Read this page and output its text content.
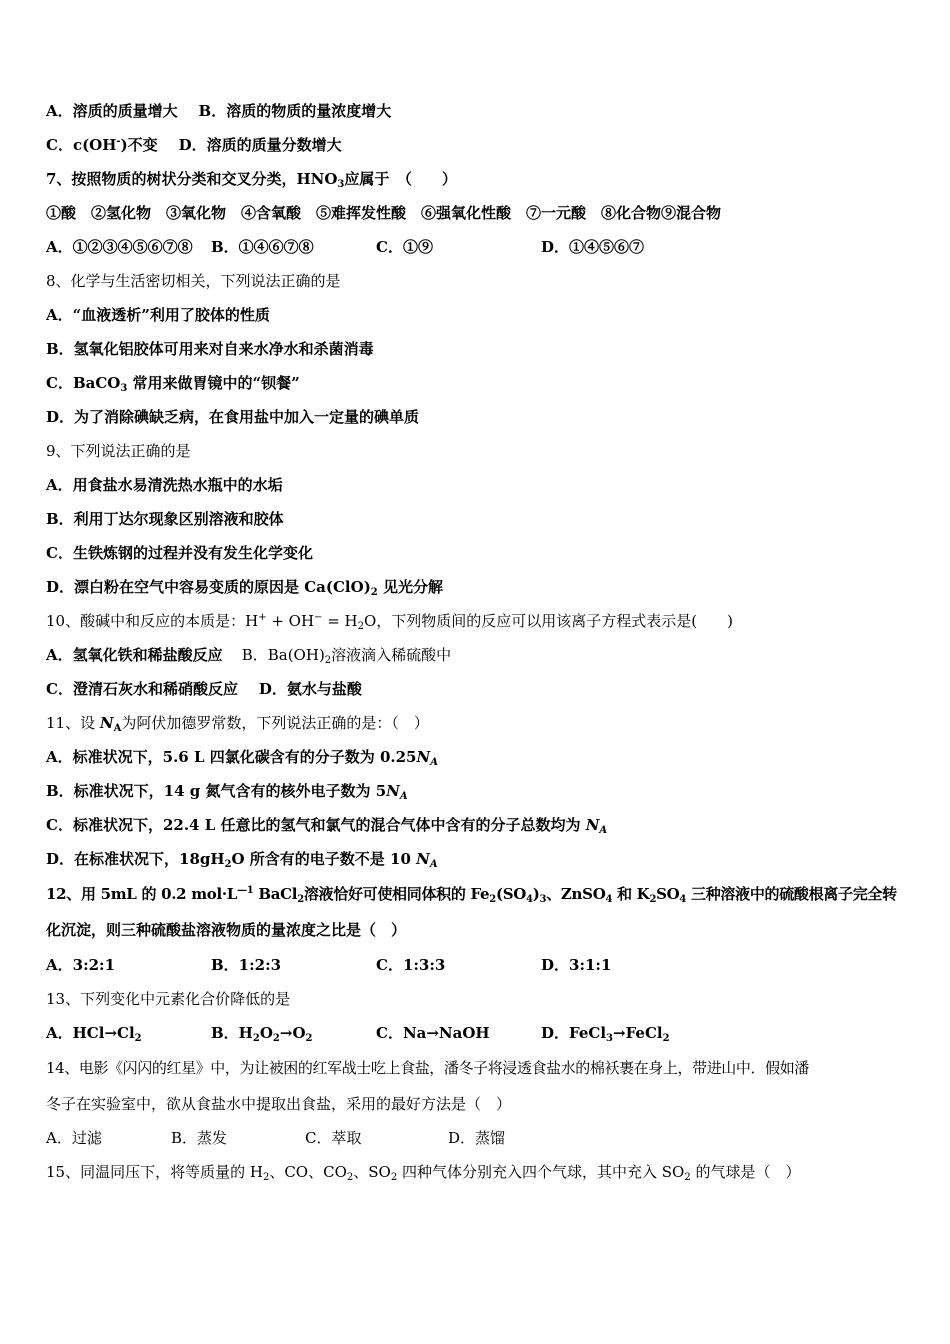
A．溶质的质量增大 B．溶质的物质的量浓度增大
C．c(OH-)不变 D．溶质的质量分数增大
7、按照物质的树状分类和交叉分类，$HNO_3$应属于　（　　）
①酸　②氢化物　③氧化物　④含氧酸　⑤难挥发性酸　⑥强氧化性酸　⑦一元酸　⑧化合物⑨混合物
A．①②③④⑤⑥⑦⑧ B．①④⑥⑦⑧	C．①⑨	D．①④⑤⑥⑦
8、化学与生活密切相关，下列说法正确的是
A．“血液透析”利用了胶体的性质
B．氢氧化铝胶体可用来对自来水净水和杀菌消毒
C．BaCO$_3$ 常用来做胃镜中的“钡餐”
D．为了消除碘缺乏病，在食用盐中加入一定量的碘单质
9、下列说法正确的是
A．用食盐水易清洗热水瓶中的水垢
B．利用丁达尔现象区别溶液和胶体
C．生铁炼钢的过程并没有发生化学变化
D．漂白粉在空气中容易变质的原因是 $Ca(ClO)_2$ 见光分解
10、酸碱中和反应的本质是：$H^+ + OH^- = H_2O$，下列物质间的反应可以用该离子方程式表示是(　　)
A．氢氧化铁和稀盐酸反应 B．$Ba(OH)_2$溶液滴入稀硫酸中
C．澄清石灰水和稀硝酸反应 D．氨水与盐酸
11、设 $N_A$为阿伏加德罗常数，下列说法正确的是：（　）
A．标准状况下，5.6 L 四氯化碳含有的分子数为 $0.25N_A$
B．标准状况下，14 g 氮气含有的核外电子数为 $5N_A$
C．标准状况下，22.4 L 任意比的氢气和氯气的混合气体中含有的分子总数均为 $N_A$
D．在标准状况下，$18gH_2O$ 所含有的电子数不是 10 $N_A$
12、用 5mL 的 0.2 $mol\cdot L^{—1}$ BaCl$_2$溶液恰好可使相同体积的 $Fe_2(SO_4)_3$、ZnSO$_4$ 和 $K_2SO_4$ 三种溶液中的硫酸根离子完全转
化沉淀，则三种硫酸盐溶液物质的量浓度之比是（　）
A．3:2:1	B．1:2:3	C．1:3:3	D．3:1:1
13、下列变化中元素化合价降低的是
A．$HCl\to Cl_2$	B．$H_2O_2\to O_2$	C．Na→NaOH	D．FeCl$_3$→FeCl$_2$
14、电影《闪闪的红星》中，为让被困的红军战士吃上食盐，潘冬子将浸透食盐水的棉袄裹在身上，带进山中．假如潘
冬子在实验室中，欲从食盐水中提取出食盐，采用的最好方法是（　）
A．过滤	B．蒸发	C．萃取	D．蒸馏
15、同温同压下，将等质量的 $H_2$、CO、$CO_2$、$SO_2$ 四种气体分别充入四个气球，其中充入 $SO_2$ 的气球是（　）
